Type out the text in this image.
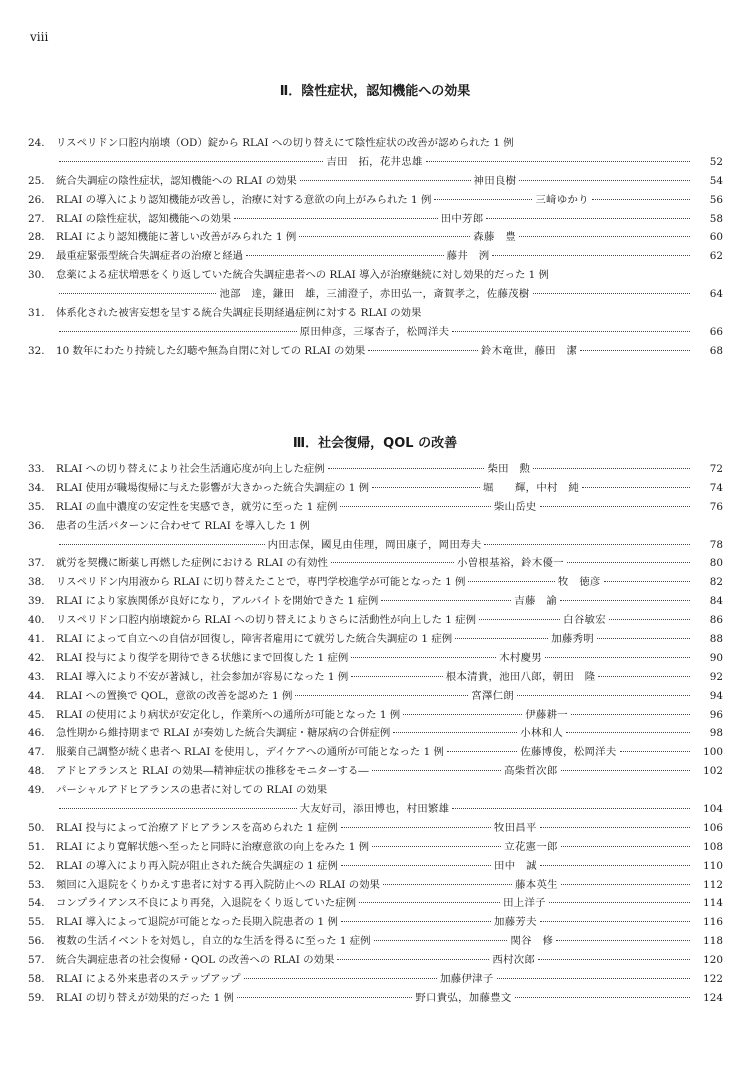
viii
Ⅱ．陰性症状，認知機能への効果
24.	リスペリドン口腔内崩壊（OD）錠から RLAI への切り替えにて陰性症状の改善が認められた 1 例
吉田　拓，花井忠雄	52
25.	統合失調症の陰性症状，認知機能への RLAI の効果	神田良樹	54
26.	RLAI の導入により認知機能が改善し，治療に対する意欲の向上がみられた 1 例	三﨑ゆかり	56
27.	RLAI の陰性症状，認知機能への効果	田中芳郎	58
28.	RLAI により認知機能に著しい改善がみられた 1 例	森藤　豊	60
29.	最重症緊張型統合失調症者の治療と経過	藤井　洌	62
30.	怠薬による症状増悪をくり返していた統合失調症患者への RLAI 導入が治療継続に対し効果的だった 1 例
池部　達，鎌田　雄，三浦澄子，赤田弘一，斎賀孝之，佐藤茂樹	64
31.	体系化された被害妄想を呈する統合失調症長期経過症例に対する RLAI の効果
原田伸彦，三塚杏子，松岡洋夫	66
32.	10 数年にわたり持続した幻聴や無為自閉に対しての RLAI の効果	鈴木竜世，藤田　潔	68
Ⅲ．社会復帰，QOL の改善
33.	RLAI への切り替えにより社会生活適応度が向上した症例	柴田　勲	72
34.	RLAI 使用が職場復帰に与えた影響が大きかった統合失調症の 1 例	堀　　輝，中村　純	74
35.	RLAI の血中濃度の安定性を実感でき，就労に至った 1 症例	柴山岳史	76
36.	患者の生活パターンに合わせて RLAI を導入した 1 例
内田志保，國見由佳理，岡田康子，岡田寿夫	78
37.	就労を契機に断薬し再燃した症例における RLAI の有効性	小曽根基裕，鈴木優一	80
38.	リスペリドン内用液から RLAI に切り替えたことで，専門学校進学が可能となった 1 例	牧　徳彦	82
39.	RLAI により家族関係が良好になり，アルバイトを開始できた 1 症例	吉藤　諭	84
40.	リスペリドン口腔内崩壊錠から RLAI への切り替えによりさらに活動性が向上した 1 症例	白谷敏宏	86
41.	RLAI によって自立への自信が回復し，障害者雇用にて就労した統合失調症の 1 症例	加藤秀明	88
42.	RLAI 投与により復学を期待できる状態にまで回復した 1 症例	木村慶男	90
43.	RLAI 導入により不安が著減し，社会参加が容易になった 1 例	根本清貴，池田八郎，朝田　隆	92
44.	RLAI への置換で QOL，意欲の改善を認めた 1 例	宮澤仁朗	94
45.	RLAI の使用により病状が安定化し，作業所への通所が可能となった 1 例	伊藤耕一	96
46.	急性期から維持期まで RLAI が奏効した統合失調症・糖尿病の合併症例	小林和人	98
47.	服薬自己調整が続く患者へ RLAI を使用し，デイケアへの通所が可能となった 1 例	佐藤博俊，松岡洋夫	100
48.	アドヒアランスと RLAI の効果―精神症状の推移をモニターする―	高柴哲次郎	102
49.	パーシャルアドヒアランスの患者に対しての RLAI の効果
大友好司，添田博也，村田繁雄	104
50.	RLAI 投与によって治療アドヒアランスを高められた 1 症例	牧田昌平	106
51.	RLAI により寛解状態へ至ったと同時に治療意欲の向上をみた 1 例	立花憲一郎	108
52.	RLAI の導入により再入院が阻止された統合失調症の 1 症例	田中　誠	110
53.	頻回に入退院をくりかえす患者に対する再入院防止への RLAI の効果	藤本英生	112
54.	コンプライアンス不良により再発，入退院をくり返していた症例	田上洋子	114
55.	RLAI 導入によって退院が可能となった長期入院患者の 1 例	加藤芳夫	116
56.	複数の生活イベントを対処し，自立的な生活を得るに至った 1 症例	関谷　修	118
57.	統合失調症患者の社会復帰・QOL の改善への RLAI の効果	西村次郎	120
58.	RLAI による外来患者のステップアップ	加藤伊津子	122
59.	RLAI の切り替えが効果的だった 1 例	野口貴弘，加藤豊文	124
